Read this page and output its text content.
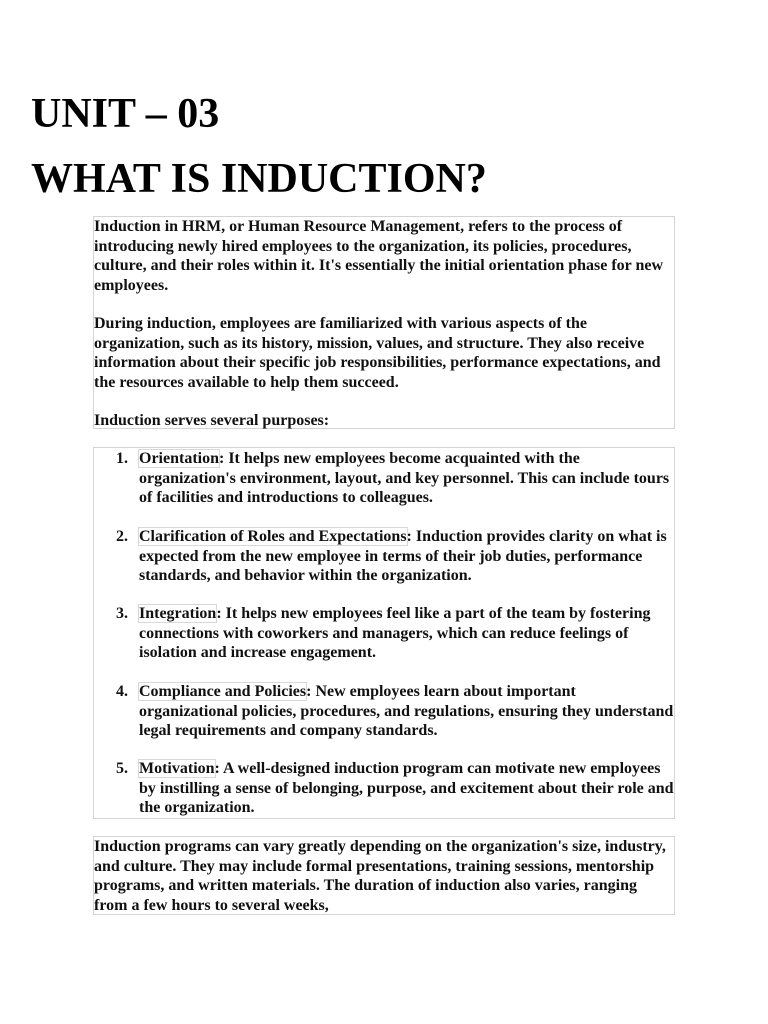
UNIT – 03
WHAT IS INDUCTION?

Induction in HRM, or Human Resource Management, refers to the process of introducing newly hired employees to the organization, its policies, procedures, culture, and their roles within it. It's essentially the initial orientation phase for new employees.

During induction, employees are familiarized with various aspects of the organization, such as its history, mission, values, and structure. They also receive information about their specific job responsibilities, performance expectations, and the resources available to help them succeed.

Induction serves several purposes:

1. Orientation: It helps new employees become acquainted with the organization's environment, layout, and key personnel. This can include tours of facilities and introductions to colleagues.

2. Clarification of Roles and Expectations: Induction provides clarity on what is expected from the new employee in terms of their job duties, performance standards, and behavior within the organization.

3. Integration: It helps new employees feel like a part of the team by fostering connections with coworkers and managers, which can reduce feelings of isolation and increase engagement.

4. Compliance and Policies: New employees learn about important organizational policies, procedures, and regulations, ensuring they understand legal requirements and company standards.

5. Motivation: A well-designed induction program can motivate new employees by instilling a sense of belonging, purpose, and excitement about their role and the organization.

Induction programs can vary greatly depending on the organization's size, industry, and culture. They may include formal presentations, training sessions, mentorship programs, and written materials. The duration of induction also varies, ranging from a few hours to several weeks,
